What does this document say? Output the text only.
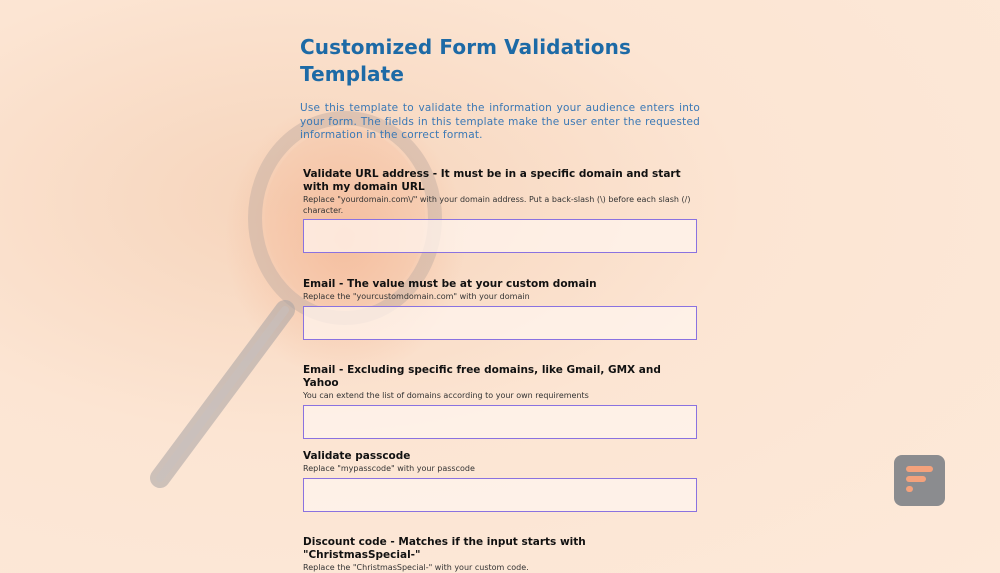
Customized Form Validations
Template

Use this template to validate the information your audience enters into your form. The fields in this template make the user enter the requested information in the correct format.

Validate URL address - It must be in a specific domain and start with my domain URL
Replace "yourdomain.com\/" with your domain address. Put a back-slash (\) before each slash (/) character.
Email - The value must be at your custom domain
Replace the "yourcustomdomain.com" with your domain
Email - Excluding specific free domains, like Gmail, GMX and Yahoo
You can extend the list of domains according to your own requirements
Validate passcode
Replace "mypasscode" with your passcode
Discount code - Matches if the input starts with "ChristmasSpecial-"
Replace the "ChristmasSpecial-" with your custom code.
